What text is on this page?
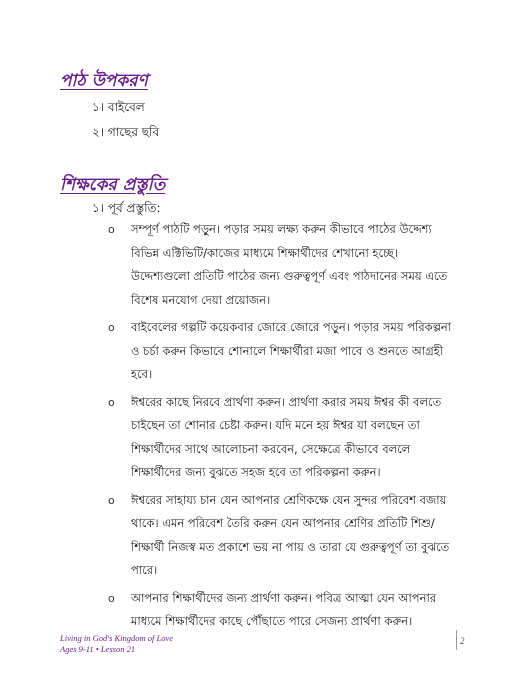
পাঠ উপকরণ
১। বাইবেল
২। গাছের ছবি
শিক্ষকের প্রস্তুতি
১। পূর্ব প্রস্তুতি:
o সম্পূর্ণ পাঠটি পড়ুন। পড়ার সময় লক্ষ্য করুন কীভাবে পাঠের উদ্দেশ্য বিভিন্ন এক্টিভিটি/কাজের মাধ্যমে শিক্ষার্থীদের শেখানো হচ্ছে। উদ্দেশ্যগুলো প্রতিটি পাঠের জন্য গুরুত্বপূর্ণ এবং পাঠদানের সময় এতে বিশেষ মনযোগ দেয়া প্রয়োজন।
o বাইবেলের গল্পটি কয়েকবার জোরে জোরে পড়ুন। পড়ার সময় পরিকল্পনা ও চর্চা করুন কিভাবে শোনালে শিক্ষার্থীরা মজা পাবে ও শুনতে আগ্রহী হবে।
o ঈশ্বরের কাছে নিরবে প্রার্থণা করুন। প্রার্থণা করার সময় ঈশ্বর কী বলতে চাইছেন তা শোনার চেষ্টা করুন। যদি মনে হয় ঈশ্বর যা বলছেন তা শিক্ষার্থীদের সাথে আলোচনা করবেন, সেক্ষেত্রে কীভাবে বললে শিক্ষার্থীদের জন্য বুঝতে সহজ হবে তা পরিকল্পনা করুন।
o ঈশ্বরের সাহায্য চান যেন আপনার শ্রেণিকক্ষে যেন সুন্দর পরিবেশ বজায় থাকে। এমন পরিবেশ তৈরি করুন যেন আপনার শ্রেণির প্রতিটি শিশু/শিক্ষার্থী নিজস্ব মত প্রকাশে ভয় না পায় ও তারা যে গুরুত্বপূর্ণ তা বুঝতে পারে।
o আপনার শিক্ষার্থীদের জন্য প্রার্থণা করুন। পবিত্র আত্মা যেন আপনার মাধ্যমে শিক্ষার্থীদের কাছে পৌঁছাতে পারে সেজন্য প্রার্থণা করুন।
Living in God's Kingdom of Love
Ages 9-11 • Lesson 21
2
